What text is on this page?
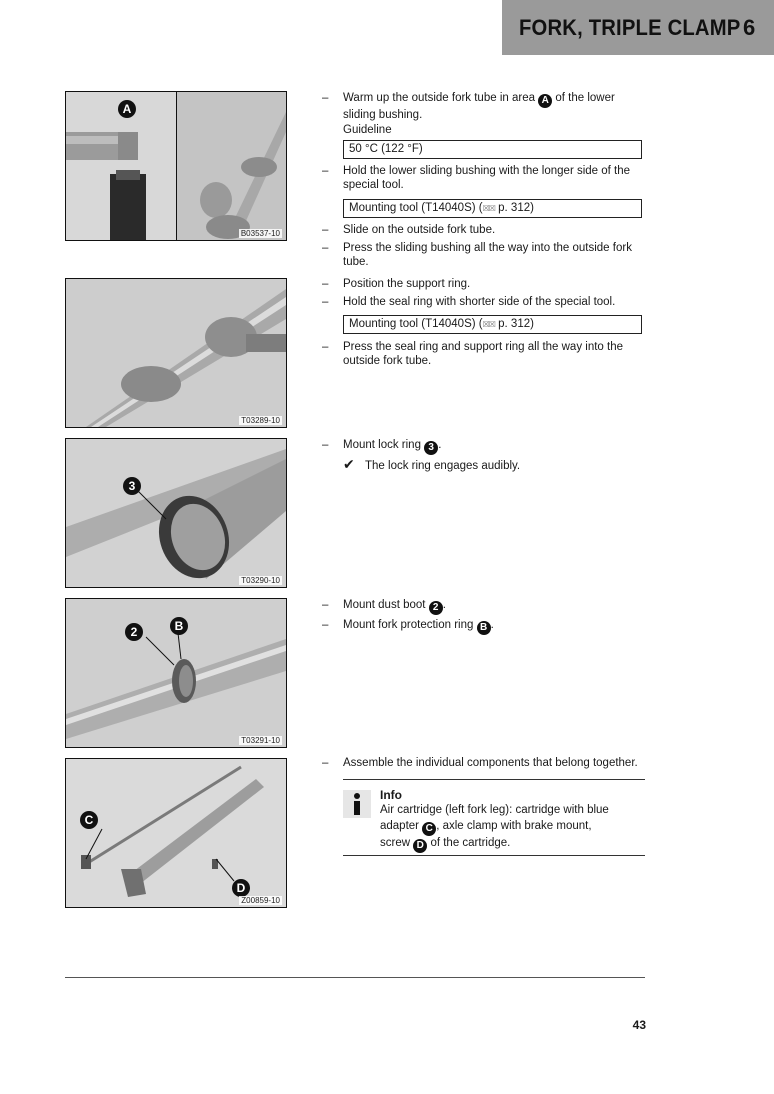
FORK, TRIPLE CLAMP 6
A
B03537-10
T03289-10
3
T03290-10
2	B
T03291-10
C
D
Z00859-10
–	Warm up the outside fork tube in area A of the lower sliding bushing.
Guideline
50 °C (122 °F)
–	Hold the lower sliding bushing with the longer side of the special tool.
Mounting tool (T14040S) (☒☒ p. 312)
–	Slide on the outside fork tube.
–	Press the sliding bushing all the way into the outside fork tube.
–	Position the support ring.
–	Hold the seal ring with shorter side of the special tool.
Mounting tool (T14040S) (☒☒ p. 312)
–	Press the seal ring and support ring all the way into the outside fork tube.
–	Mount lock ring 3 .
✔ The lock ring engages audibly.
–	Mount dust boot 2 .
–	Mount fork protection ring B .
–	Assemble the individual components that belong together.
Info
Air cartridge (left fork leg): cartridge with blue
adapter C , axle clamp with brake mount,
screw D of the cartridge.
43
